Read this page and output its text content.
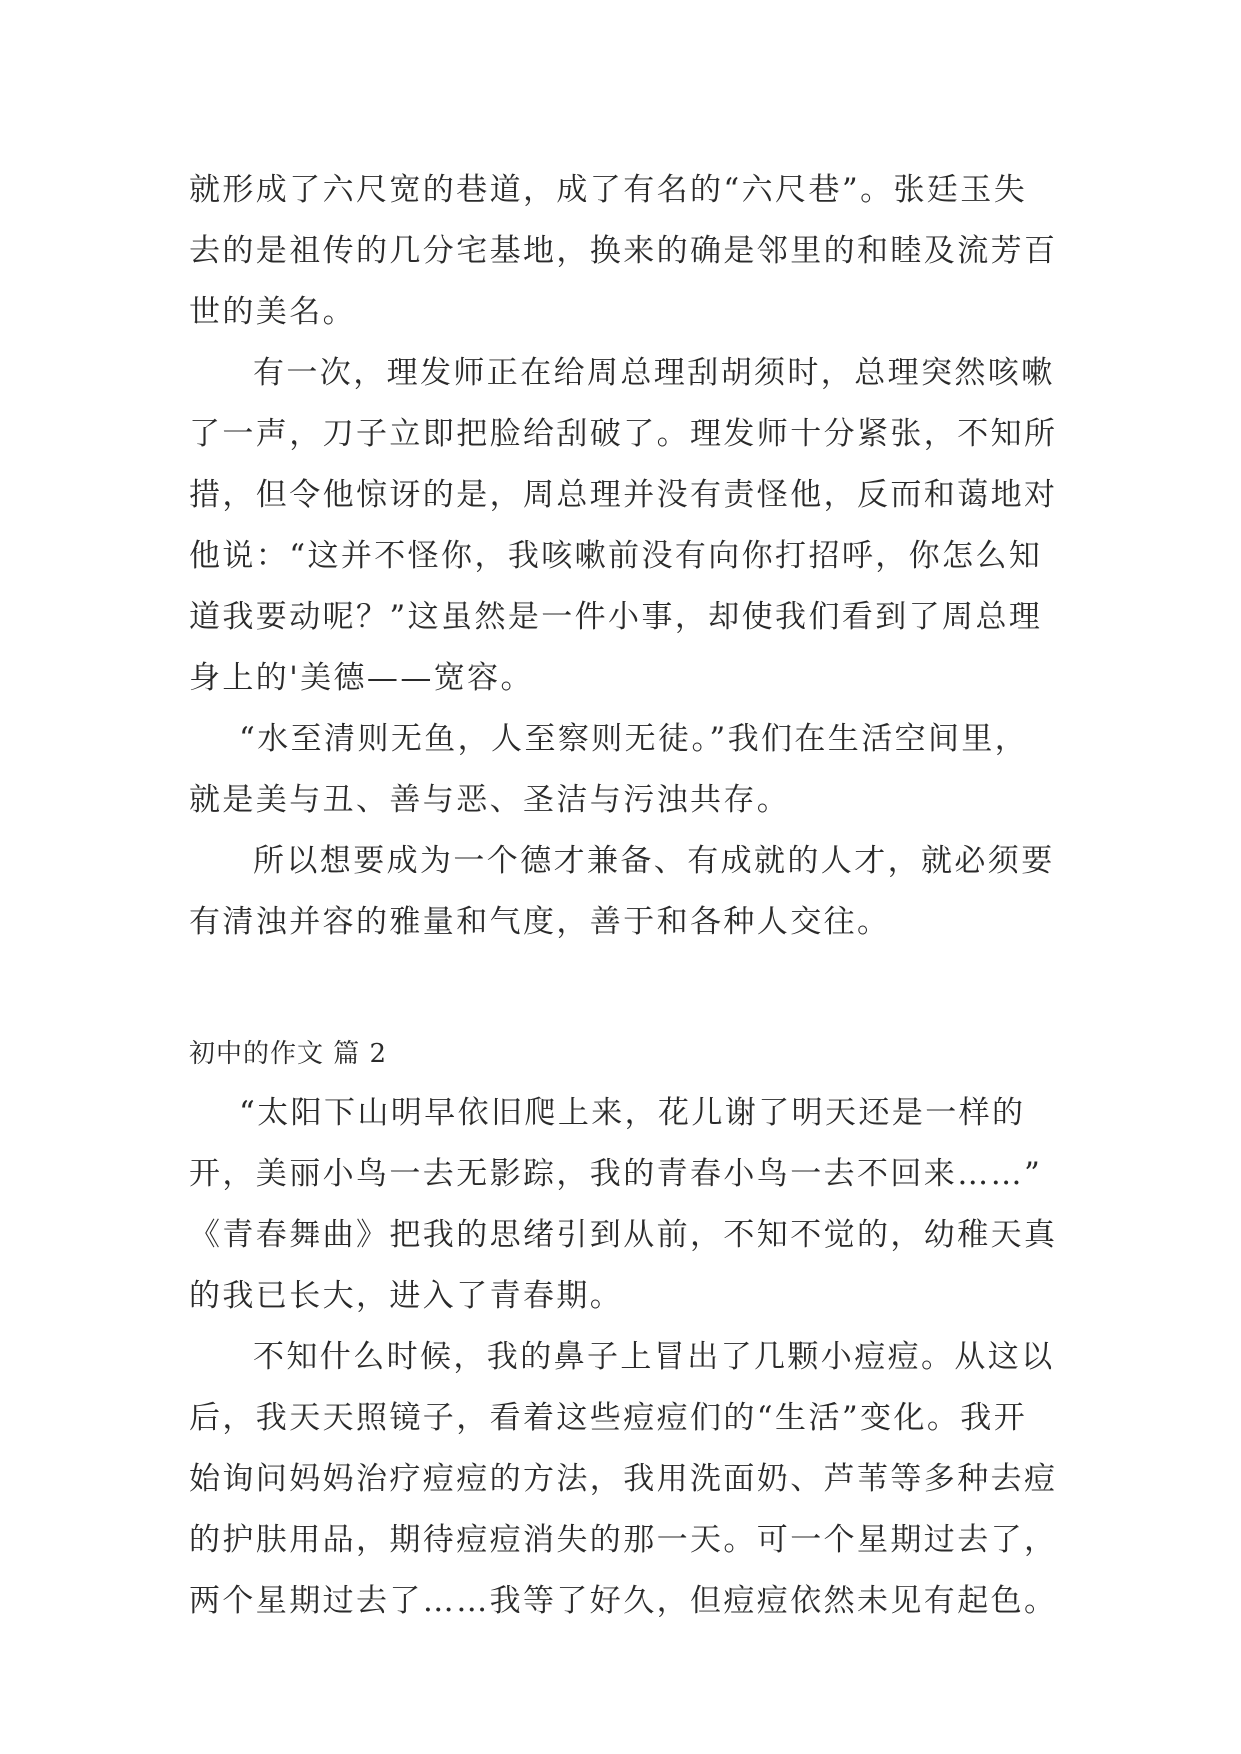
就形成了六尺宽的巷道，成了有名的“六尺巷”。张廷玉失
去的是祖传的几分宅基地，换来的确是邻里的和睦及流芳百
世的美名。
有一次，理发师正在给周总理刮胡须时，总理突然咳嗽
了一声，刀子立即把脸给刮破了。理发师十分紧张，不知所
措，但令他惊讶的是，周总理并没有责怪他，反而和蔼地对
他说：“这并不怪你，我咳嗽前没有向你打招呼，你怎么知
道我要动呢？”这虽然是一件小事，却使我们看到了周总理
身上的'美德——宽容。
“水至清则无鱼，人至察则无徒。”我们在生活空间里，
就是美与丑、善与恶、圣洁与污浊共存。
所以想要成为一个德才兼备、有成就的人才，就必须要
有清浊并容的雅量和气度，善于和各种人交往。
初中的作文 篇 2
“太阳下山明早依旧爬上来，花儿谢了明天还是一样的
开，美丽小鸟一去无影踪，我的青春小鸟一去不回来……”
《青春舞曲》把我的思绪引到从前，不知不觉的，幼稚天真
的我已长大，进入了青春期。
不知什么时候，我的鼻子上冒出了几颗小痘痘。从这以
后，我天天照镜子，看着这些痘痘们的“生活”变化。我开
始询问妈妈治疗痘痘的方法，我用洗面奶、芦苇等多种去痘
的护肤用品，期待痘痘消失的那一天。可一个星期过去了，
两个星期过去了……我等了好久，但痘痘依然未见有起色。
